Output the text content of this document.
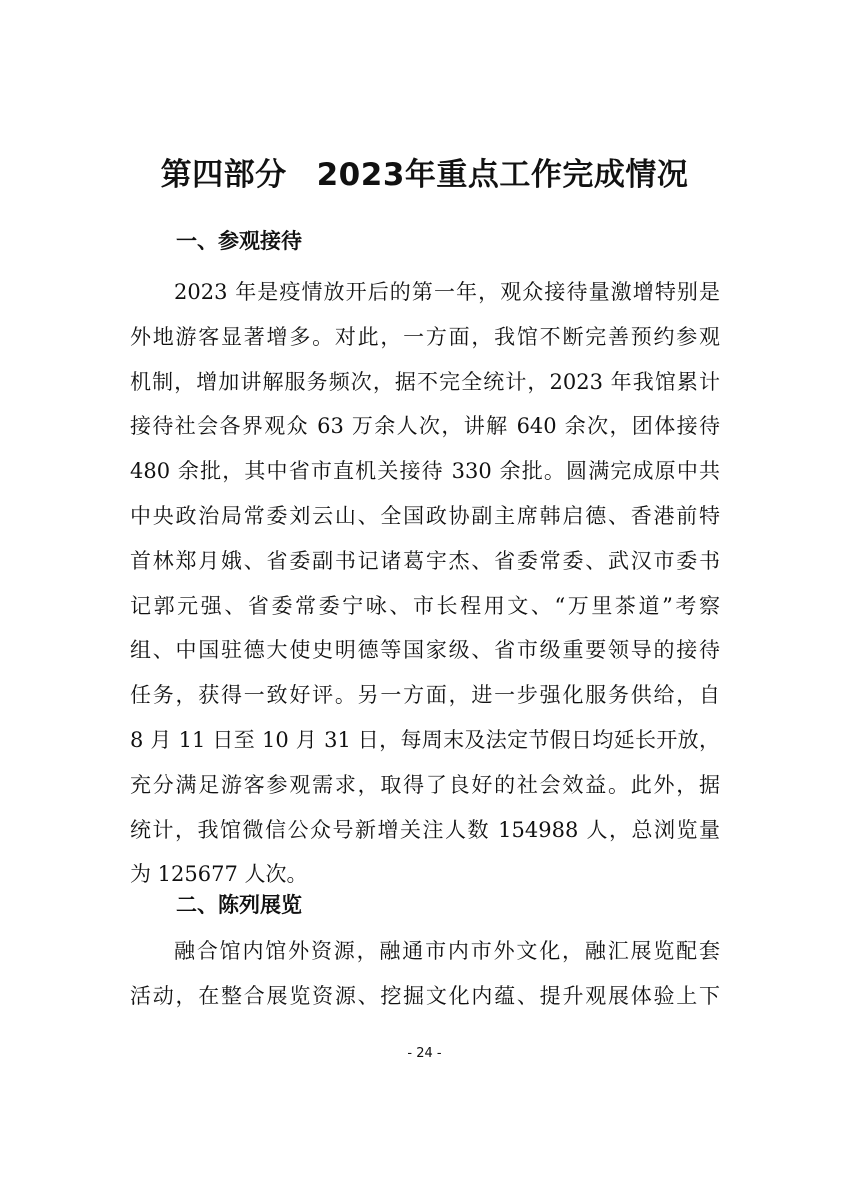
第四部分 2023年重点工作完成情况
一、参观接待
2023 年是疫情放开后的第一年，观众接待量激增特别是
外地游客显著增多。对此，一方面，我馆不断完善预约参观
机制，增加讲解服务频次，据不完全统计，2023 年我馆累计
接待社会各界观众 63 万余人次，讲解 640 余次，团体接待
480 余批，其中省市直机关接待 330 余批。圆满完成原中共
中央政治局常委刘云山、全国政协副主席韩启德、香港前特
首林郑月娥、省委副书记诸葛宇杰、省委常委、武汉市委书
记郭元强、省委常委宁咏、市长程用文、“万里茶道”考察
组、中国驻德大使史明德等国家级、省市级重要领导的接待
任务，获得一致好评。另一方面，进一步强化服务供给，自
8 月 11 日至 10 月 31 日，每周末及法定节假日均延长开放，
充分满足游客参观需求，取得了良好的社会效益。此外，据
统计，我馆微信公众号新增关注人数 154988 人，总浏览量
为 125677 人次。
二、陈列展览
融合馆内馆外资源，融通市内市外文化，融汇展览配套
活动，在整合展览资源、挖掘文化内蕴、提升观展体验上下
- 24 -
